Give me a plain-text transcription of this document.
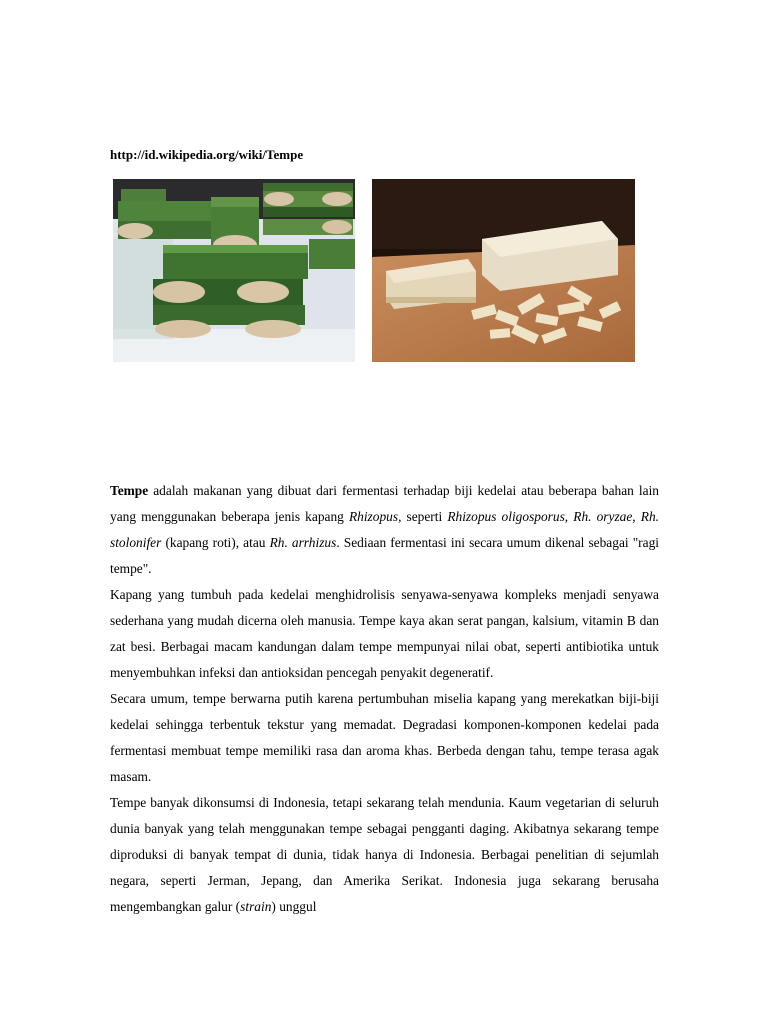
http://id.wikipedia.org/wiki/Tempe

Tempe adalah makanan yang dibuat dari fermentasi terhadap biji kedelai atau beberapa bahan lain yang menggunakan beberapa jenis kapang Rhizopus, seperti Rhizopus oligosporus, Rh. oryzae, Rh. stolonifer (kapang roti), atau Rh. arrhizus. Sediaan fermentasi ini secara umum dikenal sebagai "ragi tempe".

Kapang yang tumbuh pada kedelai menghidrolisis senyawa-senyawa kompleks menjadi senyawa sederhana yang mudah dicerna oleh manusia. Tempe kaya akan serat pangan, kalsium, vitamin B dan zat besi. Berbagai macam kandungan dalam tempe mempunyai nilai obat, seperti antibiotika untuk menyembuhkan infeksi dan antioksidan pencegah penyakit degeneratif.

Secara umum, tempe berwarna putih karena pertumbuhan miselia kapang yang merekatkan biji-biji kedelai sehingga terbentuk tekstur yang memadat. Degradasi komponen-komponen kedelai pada fermentasi membuat tempe memiliki rasa dan aroma khas. Berbeda dengan tahu, tempe terasa agak masam.

Tempe banyak dikonsumsi di Indonesia, tetapi sekarang telah mendunia. Kaum vegetarian di seluruh dunia banyak yang telah menggunakan tempe sebagai pengganti daging. Akibatnya sekarang tempe diproduksi di banyak tempat di dunia, tidak hanya di Indonesia. Berbagai penelitian di sejumlah negara, seperti Jerman, Jepang, dan Amerika Serikat. Indonesia juga sekarang berusaha mengembangkan galur (strain) unggul
